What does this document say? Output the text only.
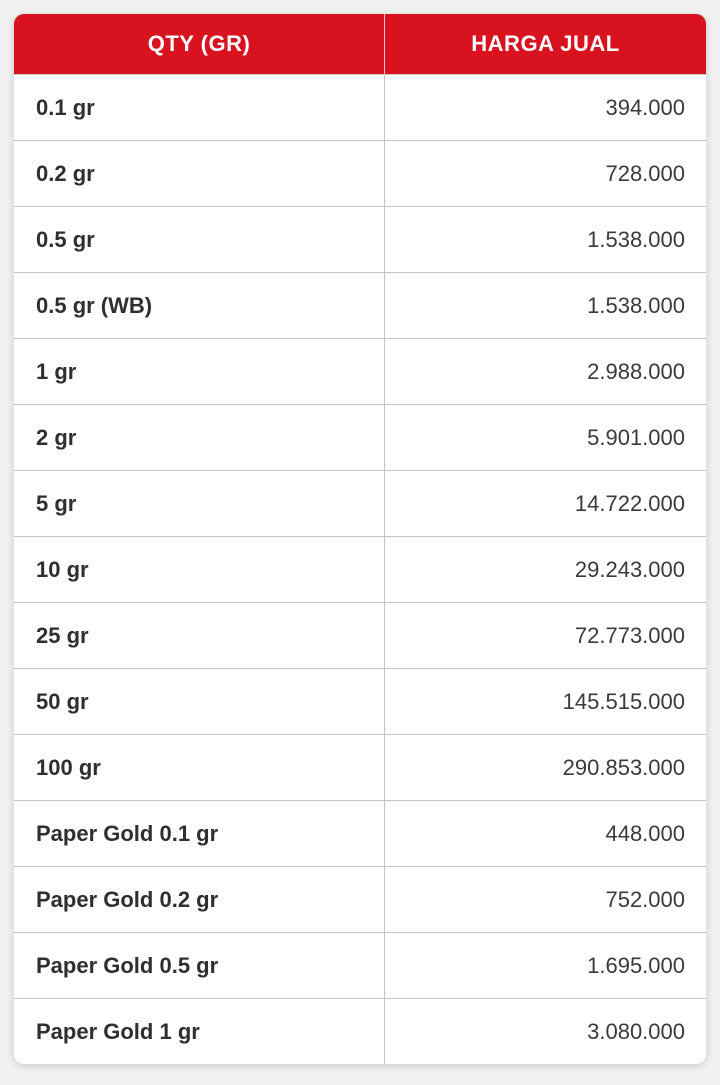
QTY (GR)	HARGA JUAL
0.1 gr	394.000
0.2 gr	728.000
0.5 gr	1.538.000
0.5 gr (WB)	1.538.000
1 gr	2.988.000
2 gr	5.901.000
5 gr	14.722.000
10 gr	29.243.000
25 gr	72.773.000
50 gr	145.515.000
100 gr	290.853.000
Paper Gold 0.1 gr	448.000
Paper Gold 0.2 gr	752.000
Paper Gold 0.5 gr	1.695.000
Paper Gold 1 gr	3.080.000
